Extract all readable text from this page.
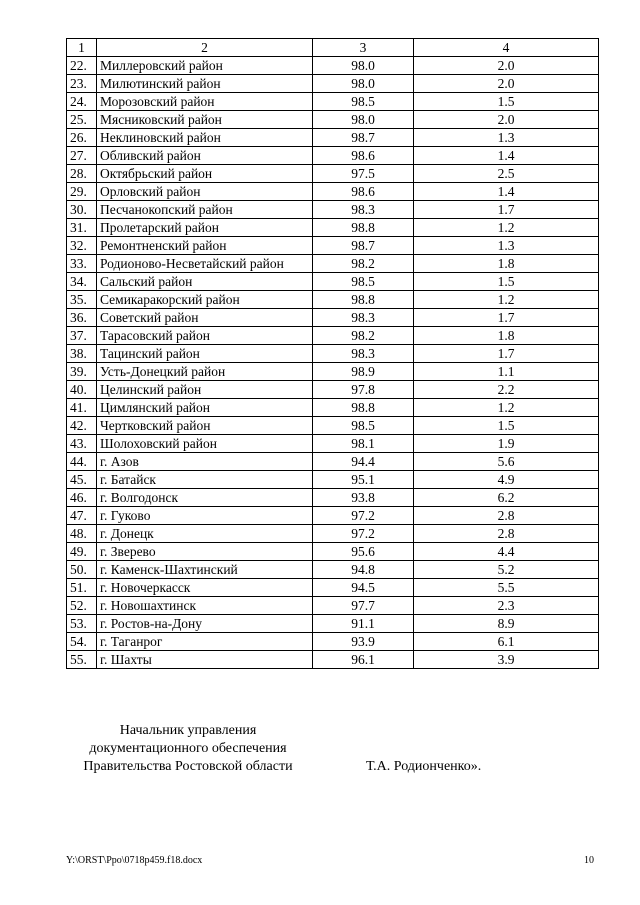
1	2	3	4
22.	Миллеровский район	98.0	2.0
23.	Милютинский район	98.0	2.0
24.	Морозовский район	98.5	1.5
25.	Мясниковский район	98.0	2.0
26.	Неклиновский район	98.7	1.3
27.	Обливский район	98.6	1.4
28.	Октябрьский район	97.5	2.5
29.	Орловский район	98.6	1.4
30.	Песчанокопский район	98.3	1.7
31.	Пролетарский район	98.8	1.2
32.	Ремонтненский район	98.7	1.3
33.	Родионово-Несветайский район	98.2	1.8
34.	Сальский район	98.5	1.5
35.	Семикаракорский район	98.8	1.2
36.	Советский район	98.3	1.7
37.	Тарасовский район	98.2	1.8
38.	Тацинский район	98.3	1.7
39.	Усть-Донецкий район	98.9	1.1
40.	Целинский район	97.8	2.2
41.	Цимлянский район	98.8	1.2
42.	Чертковский район	98.5	1.5
43.	Шолоховский район	98.1	1.9
44.	г. Азов	94.4	5.6
45.	г. Батайск	95.1	4.9
46.	г. Волгодонск	93.8	6.2
47.	г. Гуково	97.2	2.8
48.	г. Донецк	97.2	2.8
49.	г. Зверево	95.6	4.4
50.	г. Каменск-Шахтинский	94.8	5.2
51.	г. Новочеркасск	94.5	5.5
52.	г. Новошахтинск	97.7	2.3
53.	г. Ростов-на-Дону	91.1	8.9
54.	г. Таганрог	93.9	6.1
55.	г. Шахты	96.1	3.9
Начальник управления
документационного обеспечения
Правительства Ростовской области	Т.А. Родионченко».
Y:\ORST\Ppo\0718p459.f18.docx	10
